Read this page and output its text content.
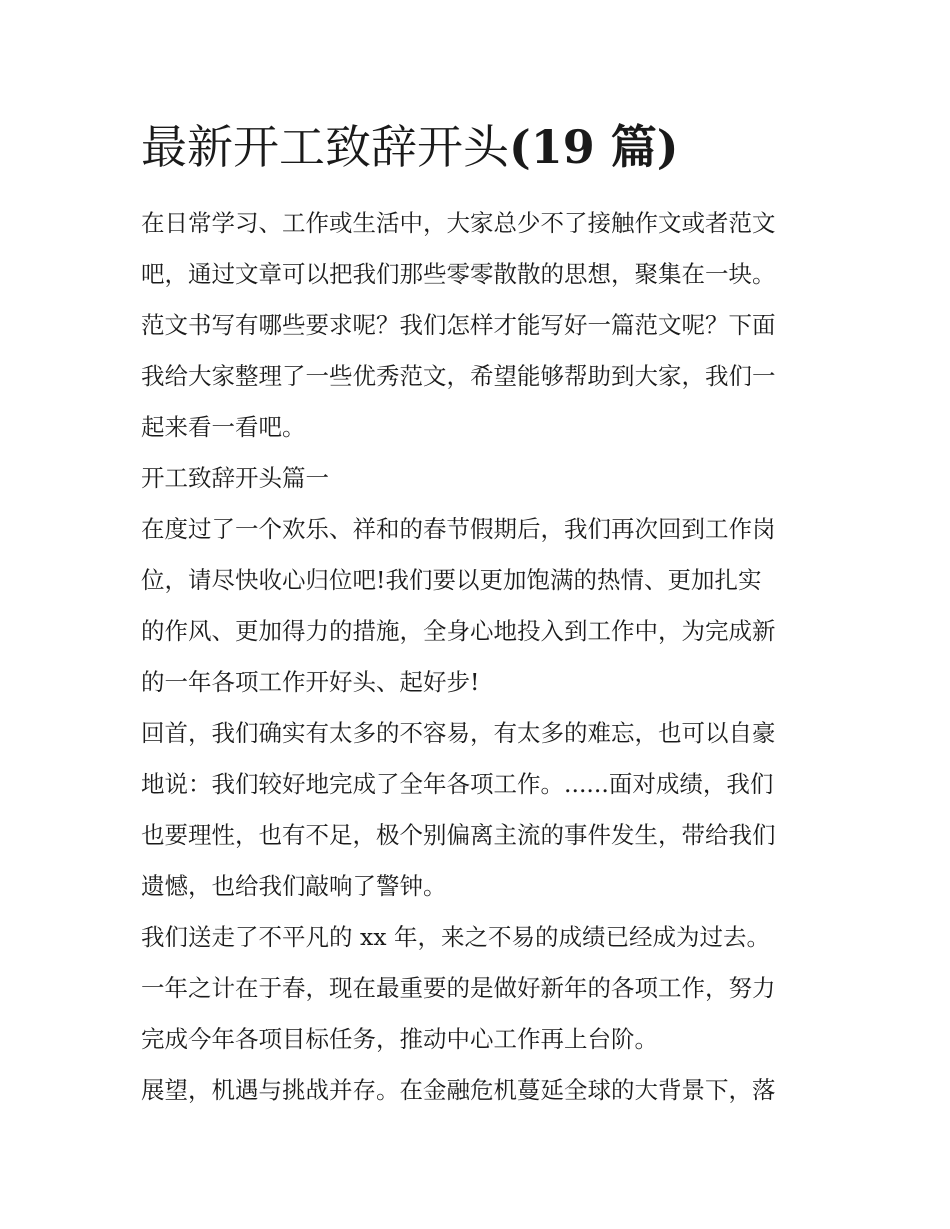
最新开工致辞开头(19 篇)

在日常学习、工作或生活中，大家总少不了接触作文或者范文

吧，通过文章可以把我们那些零零散散的思想，聚集在一块。

范文书写有哪些要求呢？我们怎样才能写好一篇范文呢？下面

我给大家整理了一些优秀范文，希望能够帮助到大家，我们一

起来看一看吧。

开工致辞开头篇一

在度过了一个欢乐、祥和的春节假期后，我们再次回到工作岗

位，请尽快收心归位吧!我们要以更加饱满的热情、更加扎实

的作风、更加得力的措施，全身心地投入到工作中，为完成新

的一年各项工作开好头、起好步!

回首，我们确实有太多的不容易，有太多的难忘，也可以自豪

地说：我们较好地完成了全年各项工作。......面对成绩，我们

也要理性，也有不足，极个别偏离主流的事件发生，带给我们

遗憾，也给我们敲响了警钟。

我们送走了不平凡的 xx 年，来之不易的成绩已经成为过去。

一年之计在于春，现在最重要的是做好新年的各项工作，努力

完成今年各项目标任务，推动中心工作再上台阶。

展望，机遇与挑战并存。在金融危机蔓延全球的大背景下，落
